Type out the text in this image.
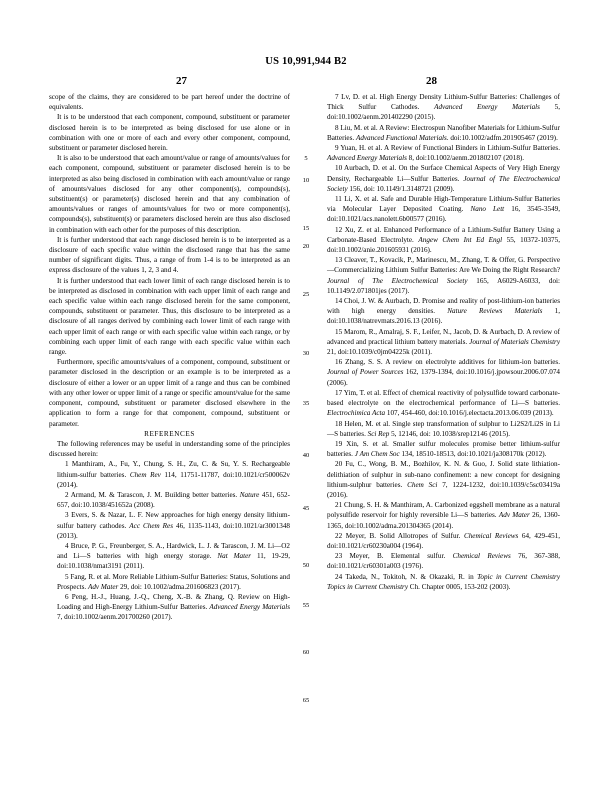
US 10,991,944 B2
27	28

scope of the claims, they are considered to be part hereof under the doctrine of equivalents.

It is to be understood that each component, compound, substituent or parameter disclosed herein is to be interpreted as being disclosed for use alone or in combination with one or more of each and every other component, compound, substituent or parameter disclosed herein.

It is also to be understood that each amount/value or range of amounts/values for each component, compound, substituent or parameter disclosed herein is to be interpreted as also being disclosed in combination with each amount/value or range of amounts/values disclosed for any other component(s), compounds(s), substituent(s) or parameter(s) disclosed herein and that any combination of amounts/values or ranges of amounts/values for two or more component(s), compounds(s), substituent(s) or parameters disclosed herein are thus also disclosed in combination with each other for the purposes of this description.

It is further understood that each range disclosed herein is to be interpreted as a disclosure of each specific value within the disclosed range that has the same number of significant digits. Thus, a range of from 1-4 is to be interpreted as an express disclosure of the values 1, 2, 3 and 4.

It is further understood that each lower limit of each range disclosed herein is to be interpreted as disclosed in combination with each upper limit of each range and each specific value within each range disclosed herein for the same component, compounds, substituent or parameter. Thus, this disclosure to be interpreted as a disclosure of all ranges derived by combining each lower limit of each range with each upper limit of each range or with each specific value within each range, or by combining each upper limit of each range with each specific value within each range.

Furthermore, specific amounts/values of a component, compound, substituent or parameter disclosed in the description or an example is to be interpreted as a disclosure of either a lower or an upper limit of a range and thus can be combined with any other lower or upper limit of a range or specific amount/value for the same component, compound, substituent or parameter disclosed elsewhere in the application to form a range for that component, compound, substituent or parameter.

REFERENCES

The following references may be useful in understanding some of the principles discussed herein:

1 Manthiram, A., Fu, Y., Chung, S. H., Zu, C. & Su, Y. S. Rechargeable lithium-sulfur batteries. Chem Rev 114, 11751-11787, doi:10.1021/cr500062v (2014).

2 Armand, M. & Tarascon, J. M. Building better batteries. Nature 451, 652-657, doi:10.1038/451652a (2008).

3 Evers, S. & Nazar, L. F. New approaches for high energy density lithium-sulfur battery cathodes. Acc Chem Res 46, 1135-1143, doi:10.1021/ar3001348 (2013).

4 Bruce, P. G., Freunberger, S. A., Hardwick, L. J. & Tarascon, J. M. Li—O2 and Li—S batteries with high energy storage. Nat Mater 11, 19-29, doi:10.1038/nmat3191 (2011).

5 Fang, R. et al. More Reliable Lithium-Sulfur Batteries: Status, Solutions and Prospects. Adv Mater 29, doi: 10.1002/adma.201606823 (2017).

6 Peng, H.-J., Huang, J.-Q., Cheng, X.-B. & Zhang, Q. Review on High-Loading and High-Energy Lithium-Sulfur Batteries. Advanced Energy Materials 7, doi:10.1002/aenm.201700260 (2017).

7 Lv, D. et al. High Energy Density Lithium-Sulfur Batteries: Challenges of Thick Sulfur Cathodes. Advanced Energy Materials 5, doi:10.1002/aenm.201402290 (2015).

8 Liu, M. et al. A Review: Electrospun Nanofiber Materials for Lithium-Sulfur Batteries. Advanced Functional Materials. doi:10.1002/adfm.201905467 (2019).

9 Yuan, H. et al. A Review of Functional Binders in Lithium-Sulfur Batteries. Advanced Energy Materials 8, doi:10.1002/aenm.201802107 (2018).

10 Aurbach, D. et al. On the Surface Chemical Aspects of Very High Energy Density, Rechargeable Li—Sulfur Batteries. Journal of The Electrochemical Society 156, doi: 10.1149/1.3148721 (2009).

11 Li, X. et al. Safe and Durable High-Temperature Lithium-Sulfur Batteries via Molecular Layer Deposited Coating. Nano Lett 16, 3545-3549, doi:10.1021/acs.nanolett.6b00577 (2016).

12 Xu, Z. et al. Enhanced Performance of a Lithium-Sulfur Battery Using a Carbonate-Based Electrolyte. Angew Chem Int Ed Engl 55, 10372-10375, doi:10.1002/anie.201605931 (2016).

13 Cleaver, T., Kovacik, P., Marinescu, M., Zhang, T. & Offer, G. Perspective—Commercializing Lithium Sulfur Batteries: Are We Doing the Right Research? Journal of The Electrochemical Society 165, A6029-A6033, doi: 10.1149/2.071801jes (2017).

14 Choi, J. W. & Aurbach, D. Promise and reality of post-lithium-ion batteries with high energy densities. Nature Reviews Materials 1, doi:10.1038/natrevmats.2016.13 (2016).

15 Marom, R., Amalraj, S. F., Leifer, N., Jacob, D. & Aurbach, D. A review of advanced and practical lithium battery materials. Journal of Materials Chemistry 21, doi:10.1039/c0jm04225k (2011).

16 Zhang, S. S. A review on electrolyte additives for lithium-ion batteries. Journal of Power Sources 162, 1379-1394, doi:10.1016/j.jpowsour.2006.07.074 (2006).

17 Yim, T. et al. Effect of chemical reactivity of polysulfide toward carbonate-based electrolyte on the electrochemical performance of Li—S batteries. Electrochimica Acta 107, 454-460, doi:10.1016/j.electacta.2013.06.039 (2013).

18 Helen, M. et al. Single step transformation of sulphur to Li2S2/Li2S in Li—S batteries. Sci Rep 5, 12146, doi: 10.1038/srep12146 (2015).

19 Xin, S. et al. Smaller sulfur molecules promise better lithium-sulfur batteries. J Am Chem Soc 134, 18510-18513, doi:10.1021/ja308170k (2012).

20 Fu, C., Wong, B. M., Bozhilov, K. N. & Guo, J. Solid state lithiation-delithiation of sulphur in sub-nano confinement: a new concept for designing lithium-sulphur batteries. Chem Sci 7, 1224-1232, doi:10.1039/c5sc03419a (2016).

21 Chung, S. H. & Manthiram, A. Carbonized eggshell membrane as a natural polysulfide reservoir for highly reversible Li—S batteries. Adv Mater 26, 1360-1365, doi:10.1002/adma.201304365 (2014).

22 Meyer, B. Solid Allotropes of Sulfur. Chemical Reviews 64, 429-451, doi:10.1021/cr60230a004 (1964).

23 Meyer, B. Elemental sulfur. Chemical Reviews 76, 367-388, doi:10.1021/cr60301a003 (1976).

24 Takeda, N., Tokitoh, N. & Okazaki, R. in Topic in Current Chemistry Topics in Current Chemistry Ch. Chapter 0005, 153-202 (2003).

5
10
15
20
25
30
35
40
45
50
55
60
65
